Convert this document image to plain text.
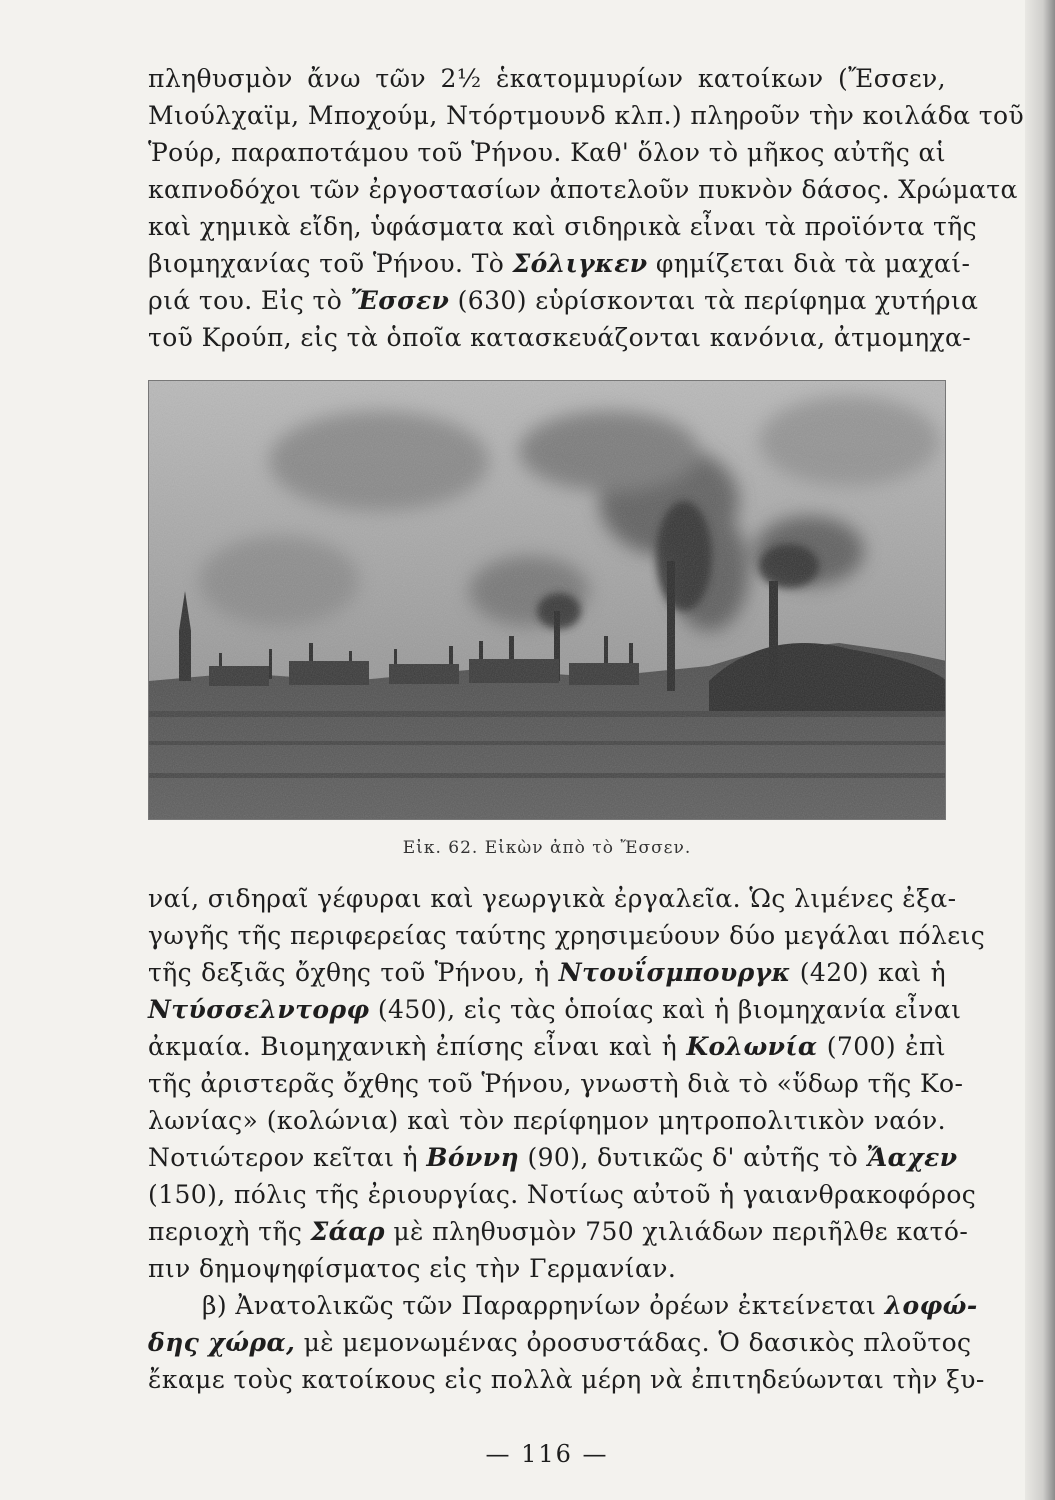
πληθυσμὸν ἄνω τῶν 2½ ἑκατομμυρίων κατοίκων (Ἔσσεν,
Μιούλχαϊμ, Μποχούμ, Ντόρτμουνδ κλπ.) πληροῦν τὴν κοιλάδα τοῦ
Ῥούρ, παραποτάμου τοῦ Ῥήνου. Καθ' ὅλον τὸ μῆκος αὐτῆς αἱ
καπνοδόχοι τῶν ἐργοστασίων ἀποτελοῦν πυκνὸν δάσος. Χρώματα
καὶ χημικὰ εἴδη, ὑφάσματα καὶ σιδηρικὰ εἶναι τὰ προϊόντα τῆς
βιομηχανίας τοῦ Ῥήνου. Τὸ Σόλιγκεν φημίζεται διὰ τὰ μαχαί-
ριά του. Εἰς τὸ Ἔσσεν (630) εὑρίσκονται τὰ περίφημα χυτήρια
τοῦ Κρούπ, εἰς τὰ ὁποῖα κατασκευάζονται κανόνια, ἀτμομηχα-

Εἰκ. 62. Εἰκὼν ἀπὸ τὸ Ἔσσεν.

ναί, σιδηραῖ γέφυραι καὶ γεωργικὰ ἐργαλεῖα. Ὡς λιμένες ἐξα-
γωγῆς τῆς περιφερείας ταύτης χρησιμεύουν δύο μεγάλαι πόλεις
τῆς δεξιᾶς ὄχθης τοῦ Ῥήνου, ἡ Ντουΐσμπουργκ (420) καὶ ἡ
Ντύσσελντορφ (450), εἰς τὰς ὁποίας καὶ ἡ βιομηχανία εἶναι
ἀκμαία. Βιομηχανικὴ ἐπίσης εἶναι καὶ ἡ Κολωνία (700) ἐπὶ
τῆς ἀριστερᾶς ὄχθης τοῦ Ῥήνου, γνωστὴ διὰ τὸ «ὕδωρ τῆς Κο-
λωνίας» (κολώνια) καὶ τὸν περίφημον μητροπολιτικὸν ναόν.
Νοτιώτερον κεῖται ἡ Βόννη (90), δυτικῶς δ' αὐτῆς τὸ Ἄαχεν
(150), πόλις τῆς ἐριουργίας. Νοτίως αὐτοῦ ἡ γαιανθρακοφόρος
περιοχὴ τῆς Σάαρ μὲ πληθυσμὸν 750 χιλιάδων περιῆλθε κατό-
πιν δημοψηφίσματος εἰς τὴν Γερμανίαν.

β) Ἀνατολικῶς τῶν Παραρρηνίων ὀρέων ἐκτείνεται λοφώ-
δης χώρα, μὲ μεμονωμένας ὀροσυστάδας. Ὁ δασικὸς πλοῦτος
ἔκαμε τοὺς κατοίκους εἰς πολλὰ μέρη νὰ ἐπιτηδεύωνται τὴν ξυ-

— 116 —
